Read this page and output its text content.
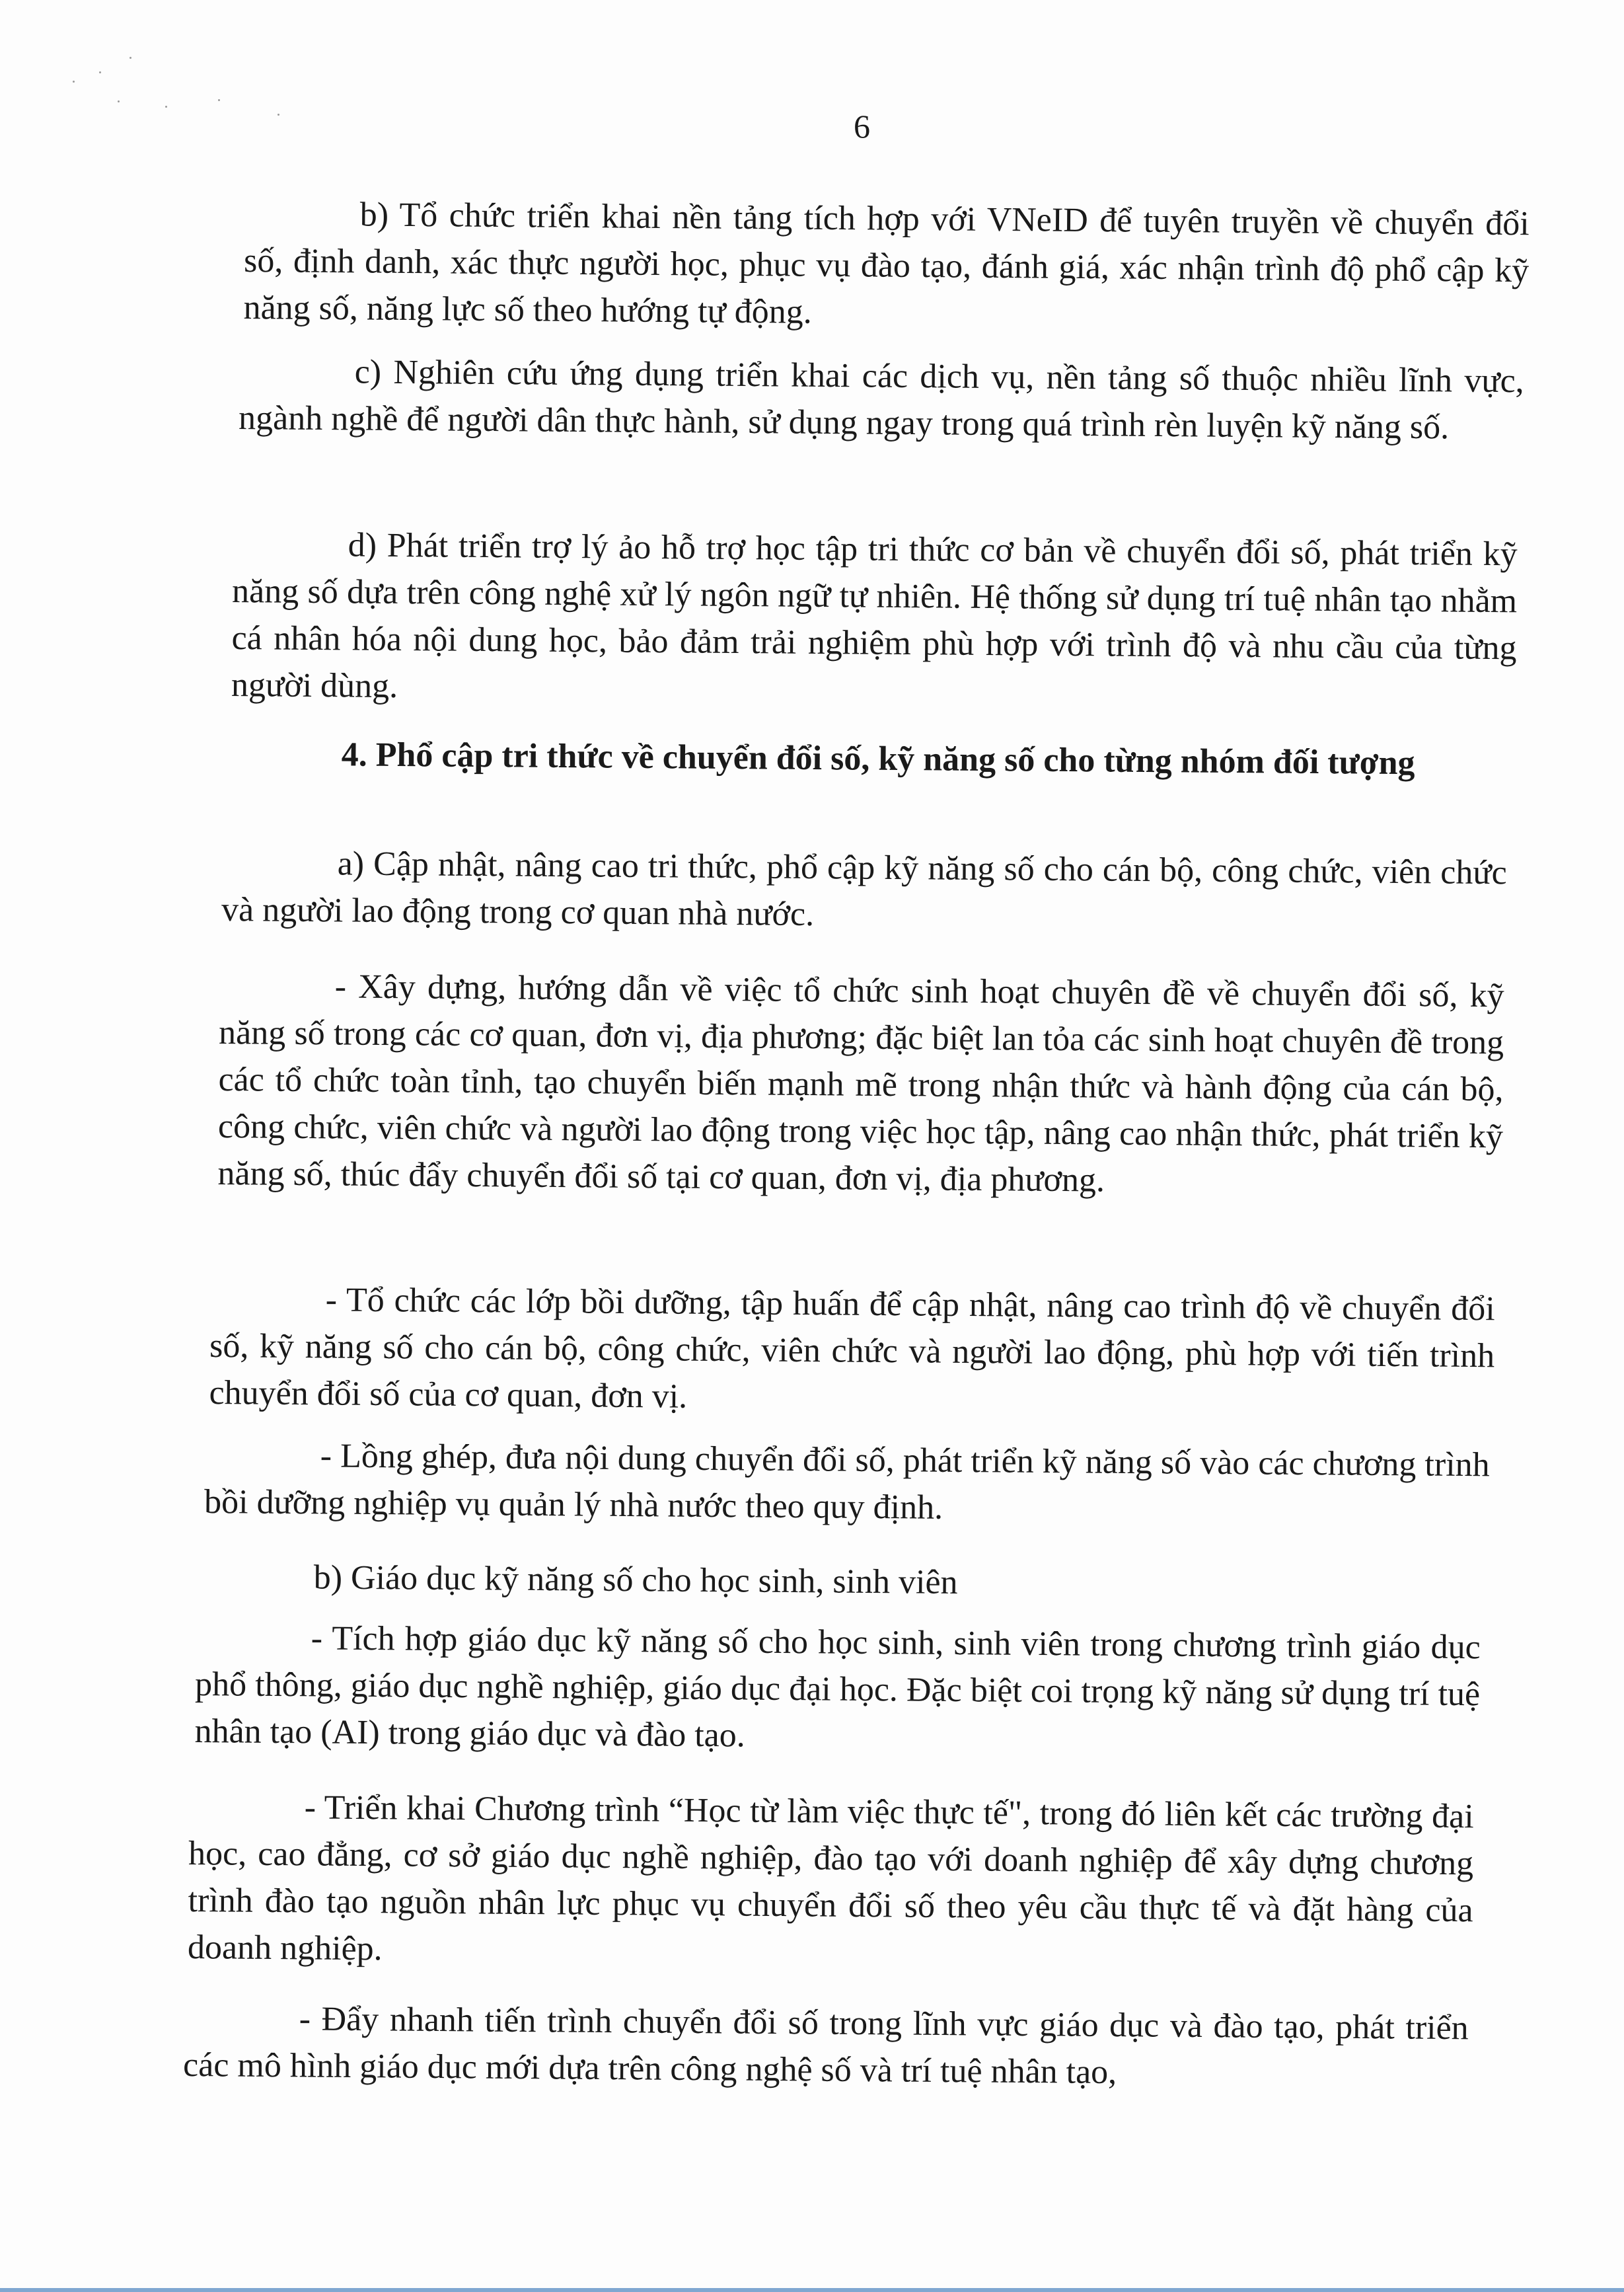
6

b) Tổ chức triển khai nền tảng tích hợp với VNeID để tuyên truyền về chuyển đổi số, định danh, xác thực người học, phục vụ đào tạo, đánh giá, xác nhận trình độ phổ cập kỹ năng số, năng lực số theo hướng tự động.

c) Nghiên cứu ứng dụng triển khai các dịch vụ, nền tảng số thuộc nhiều lĩnh vực, ngành nghề để người dân thực hành, sử dụng ngay trong quá trình rèn luyện kỹ năng số.

d) Phát triển trợ lý ảo hỗ trợ học tập tri thức cơ bản về chuyển đổi số, phát triển kỹ năng số dựa trên công nghệ xử lý ngôn ngữ tự nhiên. Hệ thống sử dụng trí tuệ nhân tạo nhằm cá nhân hóa nội dung học, bảo đảm trải nghiệm phù hợp với trình độ và nhu cầu của từng người dùng.

4. Phổ cập tri thức về chuyển đổi số, kỹ năng số cho từng nhóm đối tượng

a) Cập nhật, nâng cao tri thức, phổ cập kỹ năng số cho cán bộ, công chức, viên chức và người lao động trong cơ quan nhà nước.

- Xây dựng, hướng dẫn về việc tổ chức sinh hoạt chuyên đề về chuyển đổi số, kỹ năng số trong các cơ quan, đơn vị, địa phương; đặc biệt lan tỏa các sinh hoạt chuyên đề trong các tổ chức toàn tỉnh, tạo chuyển biến mạnh mẽ trong nhận thức và hành động của cán bộ, công chức, viên chức và người lao động trong việc học tập, nâng cao nhận thức, phát triển kỹ năng số, thúc đẩy chuyển đổi số tại cơ quan, đơn vị, địa phương.

- Tổ chức các lớp bồi dưỡng, tập huấn để cập nhật, nâng cao trình độ về chuyển đổi số, kỹ năng số cho cán bộ, công chức, viên chức và người lao động, phù hợp với tiến trình chuyển đổi số của cơ quan, đơn vị.

- Lồng ghép, đưa nội dung chuyển đổi số, phát triển kỹ năng số vào các chương trình bồi dưỡng nghiệp vụ quản lý nhà nước theo quy định.

b) Giáo dục kỹ năng số cho học sinh, sinh viên

- Tích hợp giáo dục kỹ năng số cho học sinh, sinh viên trong chương trình giáo dục phổ thông, giáo dục nghề nghiệp, giáo dục đại học. Đặc biệt coi trọng kỹ năng sử dụng trí tuệ nhân tạo (AI) trong giáo dục và đào tạo.

- Triển khai Chương trình “Học từ làm việc thực tế", trong đó liên kết các trường đại học, cao đẳng, cơ sở giáo dục nghề nghiệp, đào tạo với doanh nghiệp để xây dựng chương trình đào tạo nguồn nhân lực phục vụ chuyển đổi số theo yêu cầu thực tế và đặt hàng của doanh nghiệp.

- Đẩy nhanh tiến trình chuyển đổi số trong lĩnh vực giáo dục và đào tạo, phát triển các mô hình giáo dục mới dựa trên công nghệ số và trí tuệ nhân tạo,
